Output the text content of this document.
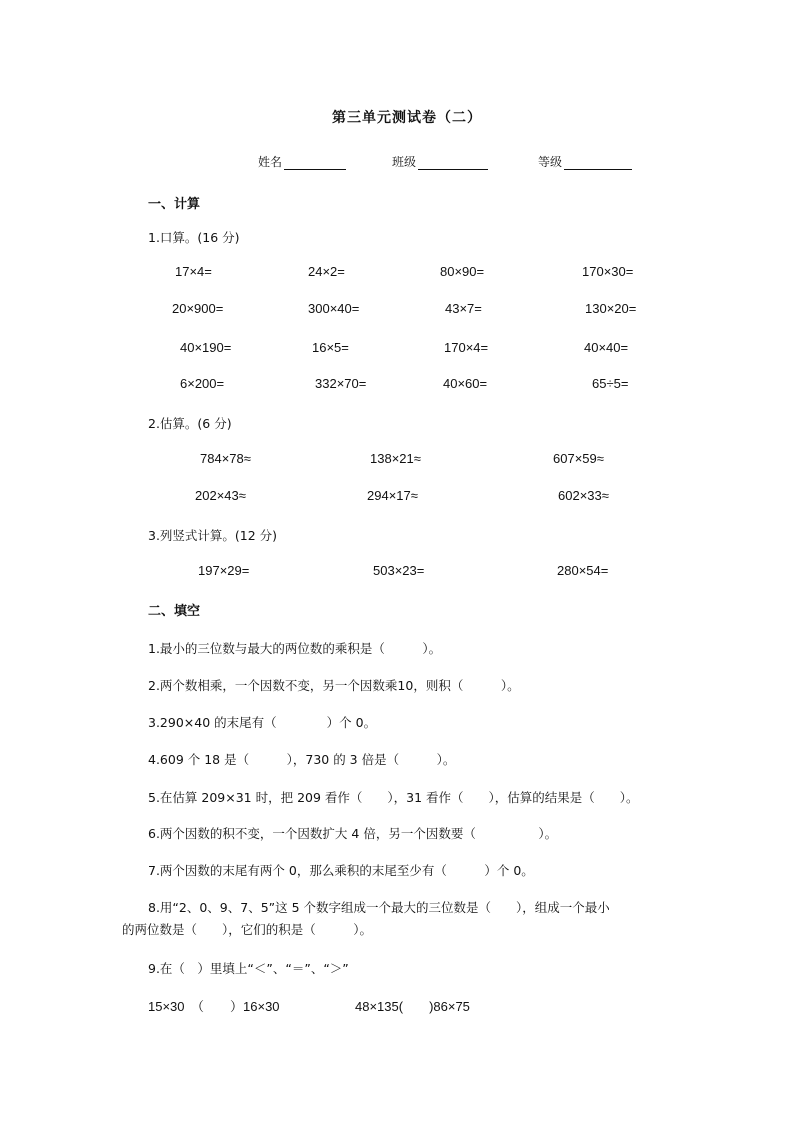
第三单元测试卷（二）
姓名	班级	等级
一、计算
1.口算。(16 分)
17×4=	24×2=	80×90=	170×30=
20×900=	300×40=	43×7=	130×20=
40×190=	16×5=	170×4=	40×40=
6×200=	332×70=	40×60=	65÷5=
2.估算。(6 分)
784×78≈	138×21≈	607×59≈
202×43≈	294×17≈	602×33≈
3.列竖式计算。(12 分)
197×29=	503×23=	280×54=
二、填空
1.最小的三位数与最大的两位数的乘积是（　　　）。
2.两个数相乘，一个因数不变，另一个因数乘10，则积（　　　）。
3.290×40 的末尾有（　　　　）个 0。
4.609 个 18 是（　　　），730 的 3 倍是（　　　）。
5.在估算 209×31 时，把 209 看作（　　），31 看作（　　），估算的结果是（　　）。
6.两个因数的积不变，一个因数扩大 4 倍，另一个因数要（　　　　　）。
7.两个因数的末尾有两个 0，那么乘积的末尾至少有（　　　）个 0。
8.用“2、0、9、7、5”这 5 个数字组成一个最大的三位数是（　　），组成一个最小
的两位数是（　　），它们的积是（　　　）。
9.在（　）里填上“＜”、“＝”、“＞”
15×30　（　　）16×30	48×135(　　)86×75
